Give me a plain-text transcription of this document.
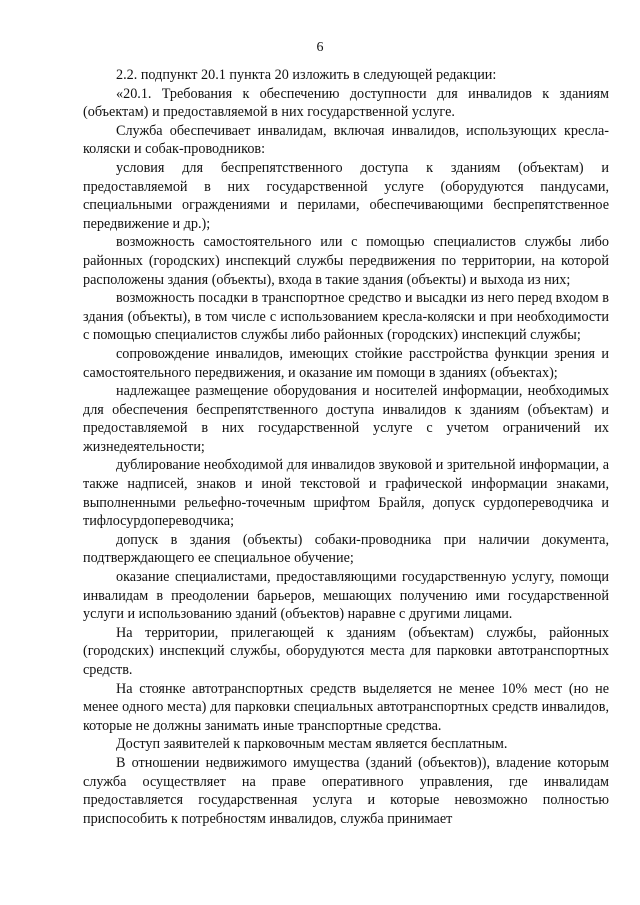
6

2.2. подпункт 20.1 пункта 20 изложить в следующей редакции:

«20.1. Требования к обеспечению доступности для инвалидов к зданиям (объектам) и предоставляемой в них государственной услуге.

Служба обеспечивает инвалидам, включая инвалидов, использующих кресла-коляски и собак-проводников:

условия для беспрепятственного доступа к зданиям (объектам) и предоставляемой в них государственной услуге (оборудуются пандусами, специальными ограждениями и перилами, обеспечивающими беспрепятственное передвижение и др.);

возможность самостоятельного или с помощью специалистов службы либо районных (городских) инспекций службы передвижения по территории, на которой расположены здания (объекты), входа в такие здания (объекты) и выхода из них;

возможность посадки в транспортное средство и высадки из него перед входом в здания (объекты), в том числе с использованием кресла-коляски и при необходимости с помощью специалистов службы либо районных (городских) инспекций службы;

сопровождение инвалидов, имеющих стойкие расстройства функции зрения и самостоятельного передвижения, и оказание им помощи в зданиях (объектах);

надлежащее размещение оборудования и носителей информации, необходимых для обеспечения беспрепятственного доступа инвалидов к зданиям (объектам) и предоставляемой в них государственной услуге с учетом ограничений их жизнедеятельности;

дублирование необходимой для инвалидов звуковой и зрительной информации, а также надписей, знаков и иной текстовой и графической информации знаками, выполненными рельефно-точечным шрифтом Брайля, допуск сурдопереводчика и тифлосурдопереводчика;

допуск в здания (объекты) собаки-проводника при наличии документа, подтверждающего ее специальное обучение;

оказание специалистами, предоставляющими государственную услугу, помощи инвалидам в преодолении барьеров, мешающих получению ими государственной услуги и использованию зданий (объектов) наравне с другими лицами.

На территории, прилегающей к зданиям (объектам) службы, районных (городских) инспекций службы, оборудуются места для парковки автотранспортных средств.

На стоянке автотранспортных средств выделяется не менее 10% мест (но не менее одного места) для парковки специальных автотранспортных средств инвалидов, которые не должны занимать иные транспортные средства.

Доступ заявителей к парковочным местам является бесплатным.

В отношении недвижимого имущества (зданий (объектов)), владение которым служба осуществляет на праве оперативного управления, где инвалидам предоставляется государственная услуга и которые невозможно полностью приспособить к потребностям инвалидов, служба принимает
